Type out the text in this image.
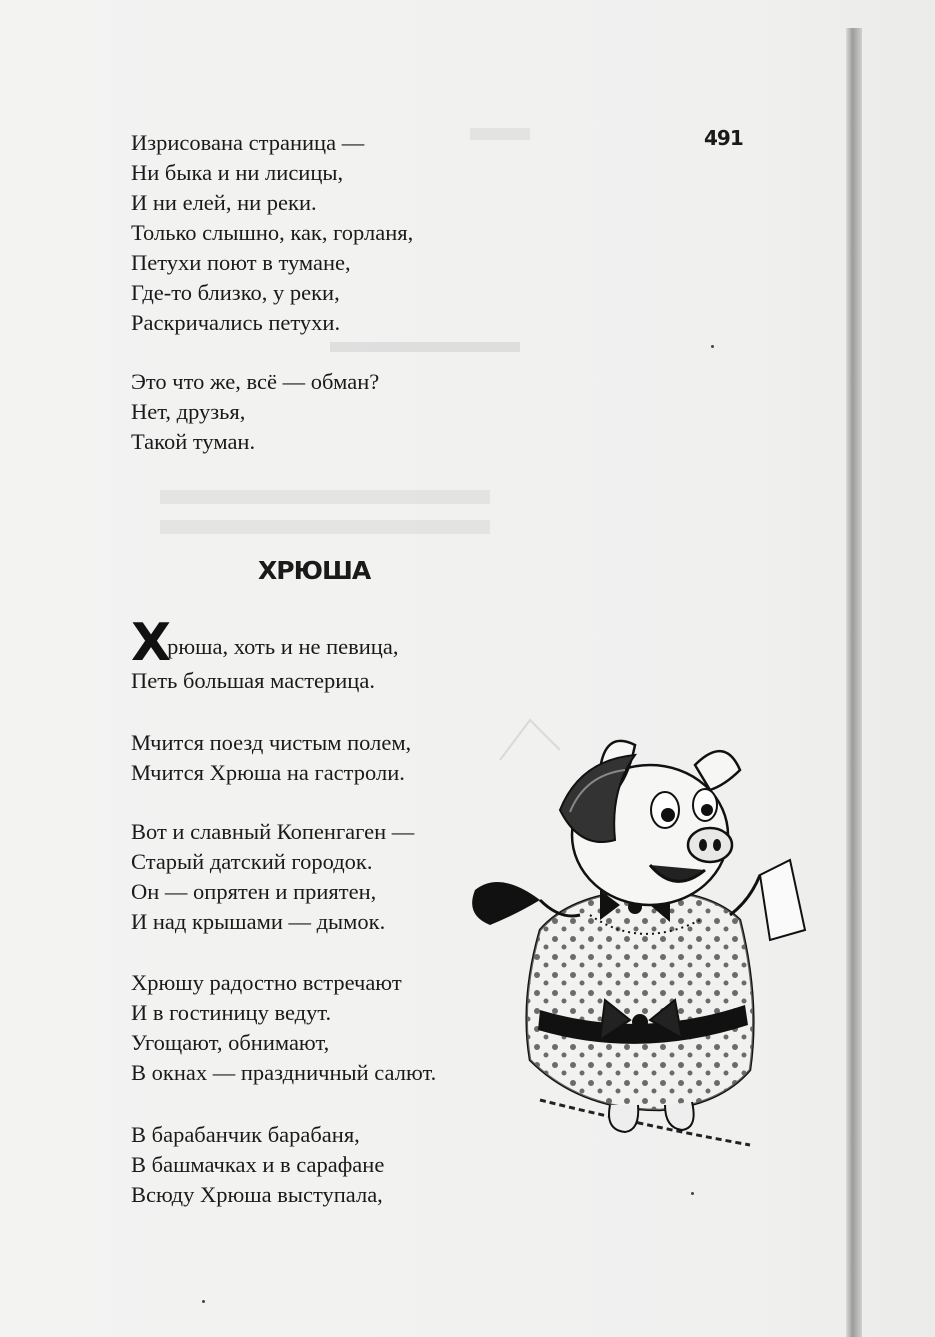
491
Изрисована страница —
Ни быка и ни лисицы,
И ни елей, ни реки.
Только слышно, как, горланя,
Петухи поют в тумане,
Где-то близко, у реки,
Раскричались петухи.
Это что же, всё — обман?
Нет, друзья,
Такой туман.
ХРЮША
Хрюша, хоть и не певица,
Петь большая мастерица.
Мчится поезд чистым полем,
Мчится Хрюша на гастроли.
Вот и славный Копенгаген —
Старый датский городок.
Он — опрятен и приятен,
И над крышами — дымок.
Хрюшу радостно встречают
И в гостиницу ведут.
Угощают, обнимают,
В окнах — праздничный салют.
В барабанчик барабаня,
В башмачках и в сарафане
Всюду Хрюша выступала,
